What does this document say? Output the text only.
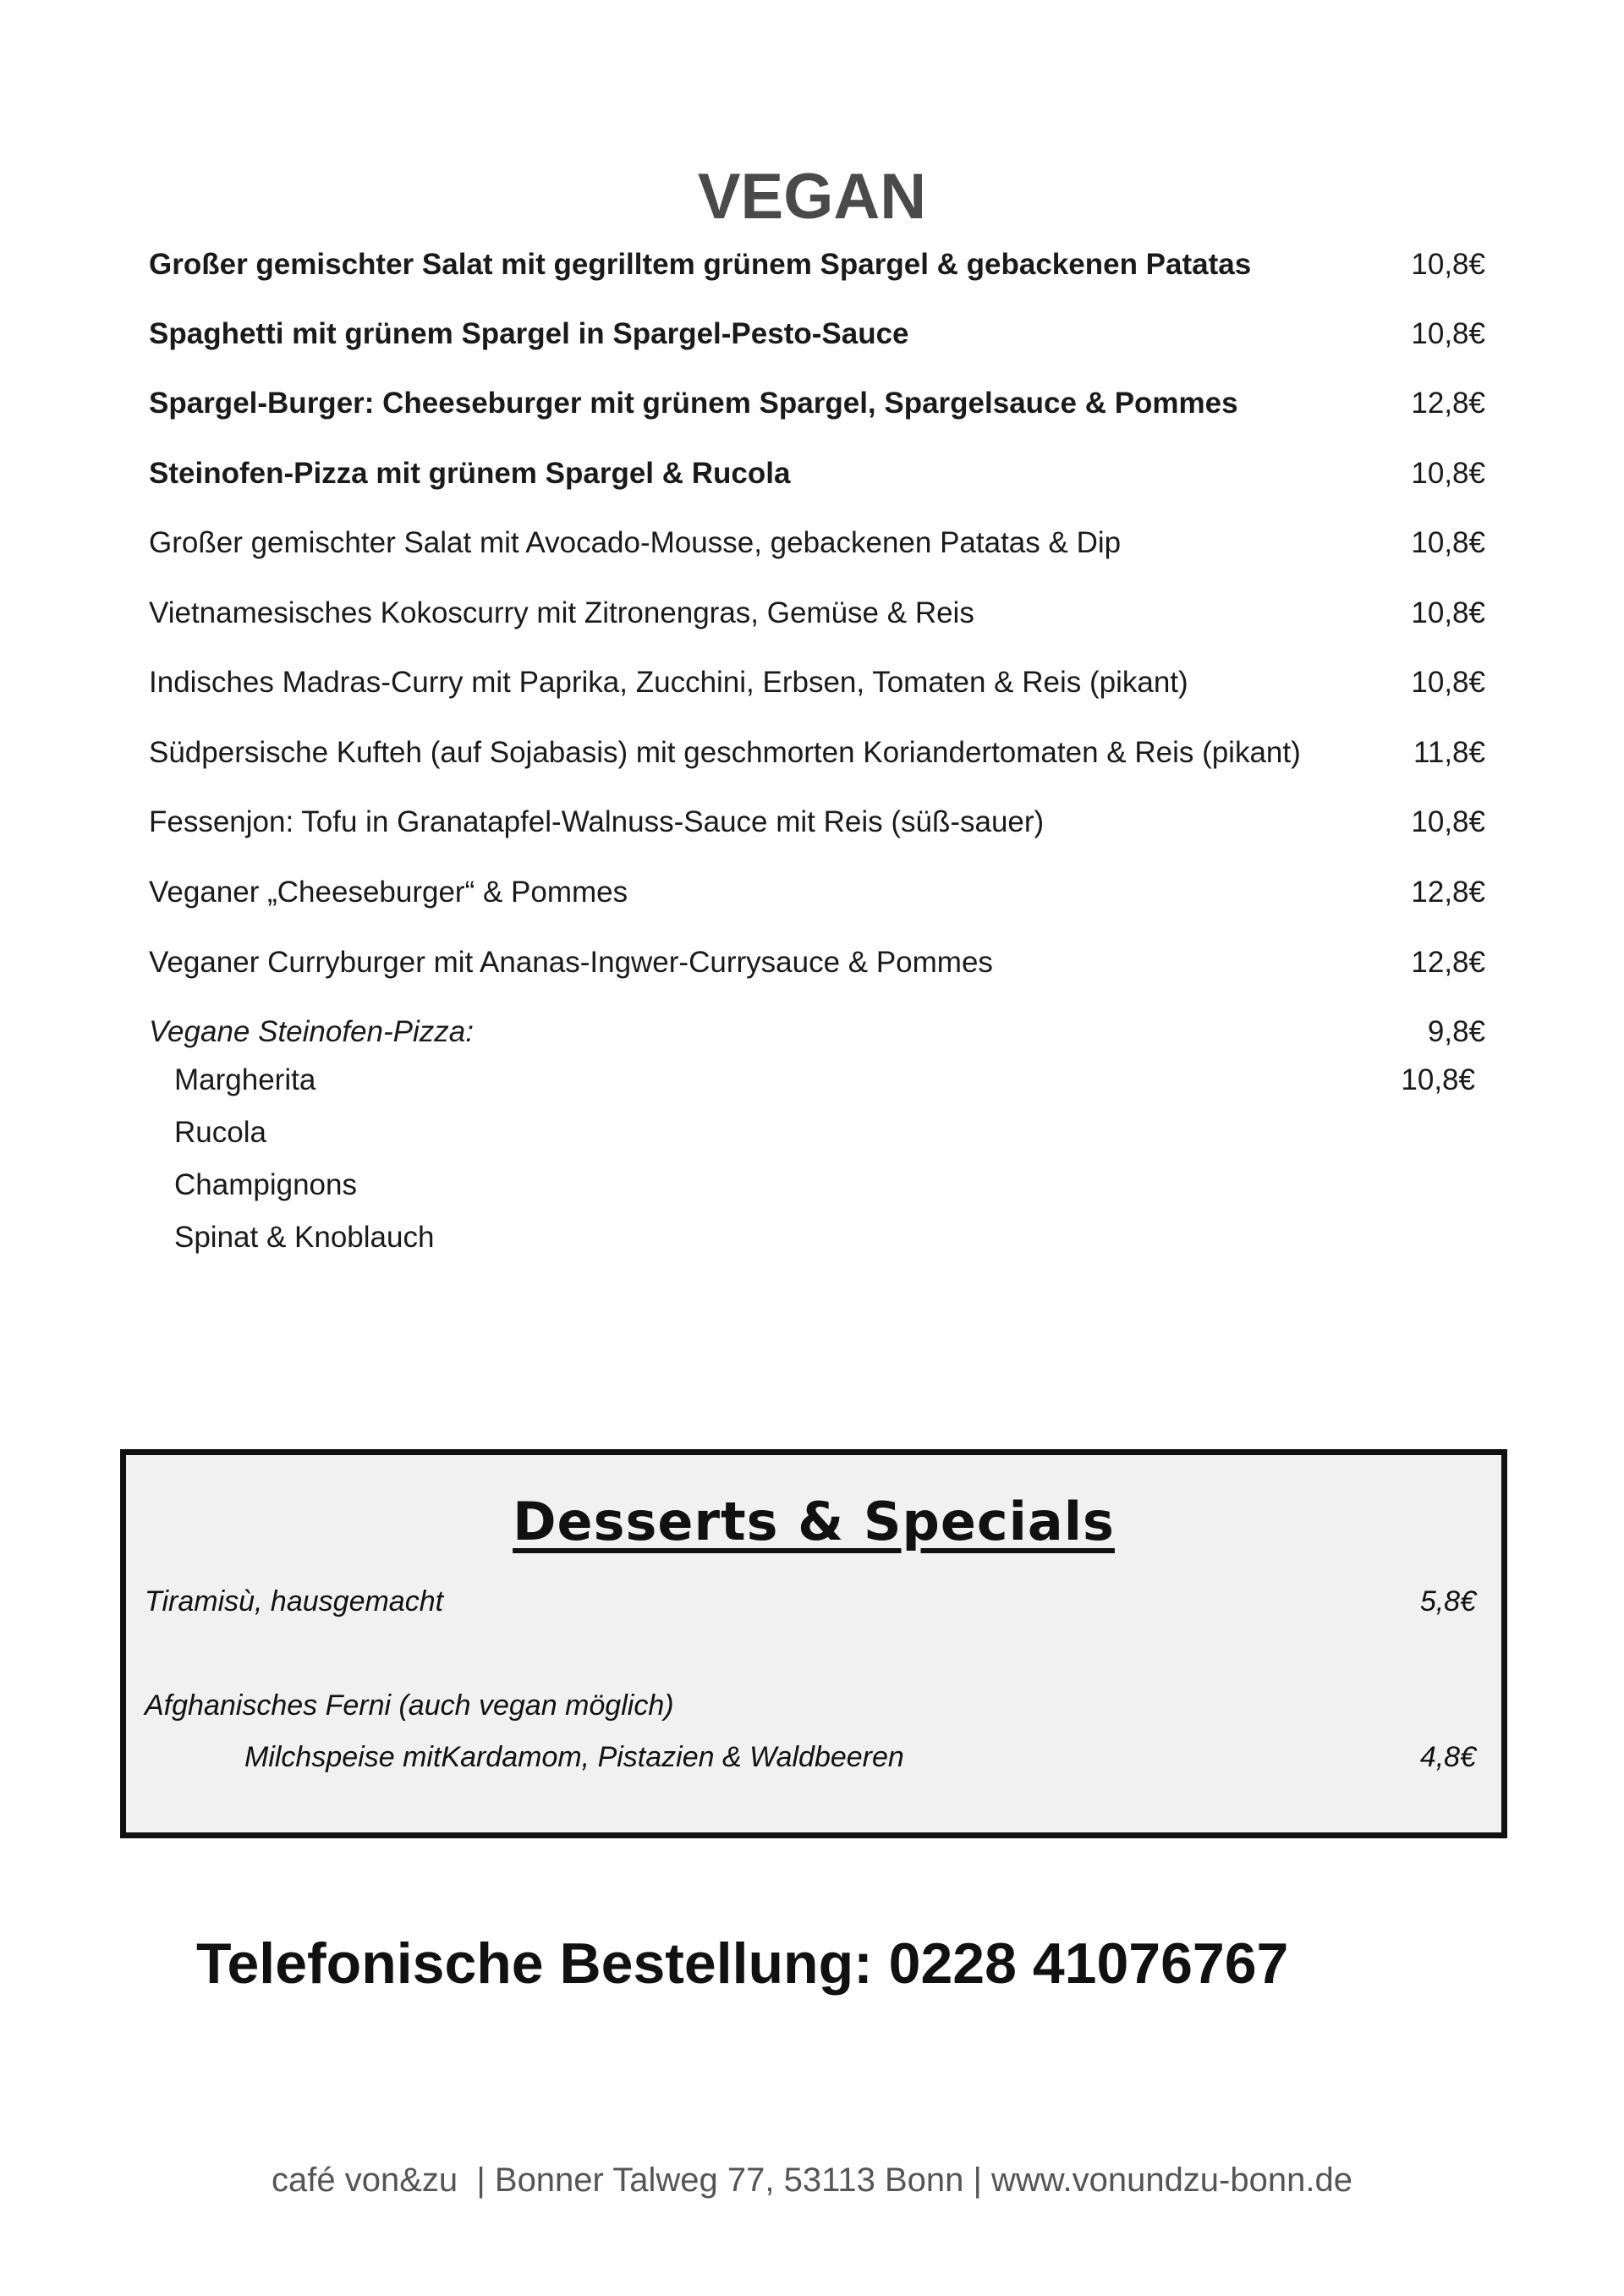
VEGAN
Großer gemischter Salat mit gegrilltem grünem Spargel & gebackenen Patatas	10,8€
Spaghetti mit grünem Spargel in Spargel-Pesto-Sauce	10,8€
Spargel-Burger: Cheeseburger mit grünem Spargel, Spargelsauce & Pommes	12,8€
Steinofen-Pizza mit grünem Spargel & Rucola	10,8€
Großer gemischter Salat mit Avocado-Mousse, gebackenen Patatas & Dip	10,8€
Vietnamesisches Kokoscurry mit Zitronengras, Gemüse & Reis	10,8€
Indisches Madras-Curry mit Paprika, Zucchini, Erbsen, Tomaten & Reis (pikant)	10,8€
Südpersische Kufteh (auf Sojabasis) mit geschmorten Koriandertomaten & Reis (pikant)	11,8€
Fessenjon: Tofu in Granatapfel-Walnuss-Sauce mit Reis (süß-sauer)	10,8€
Veganer „Cheeseburger“ & Pommes	12,8€
Veganer Curryburger mit Ananas-Ingwer-Currysauce & Pommes	12,8€
Vegane Steinofen-Pizza:	9,8€
Margherita	10,8€
Rucola
Champignons
Spinat & Knoblauch
Desserts & Specials
Tiramisù, hausgemacht	5,8€
Afghanisches Ferni (auch vegan möglich)
Milchspeise mitKardamom, Pistazien & Waldbeeren	4,8€
Telefonische Bestellung: 0228 41076767
café von&zu  | Bonner Talweg 77, 53113 Bonn | www.vonundzu-bonn.de
